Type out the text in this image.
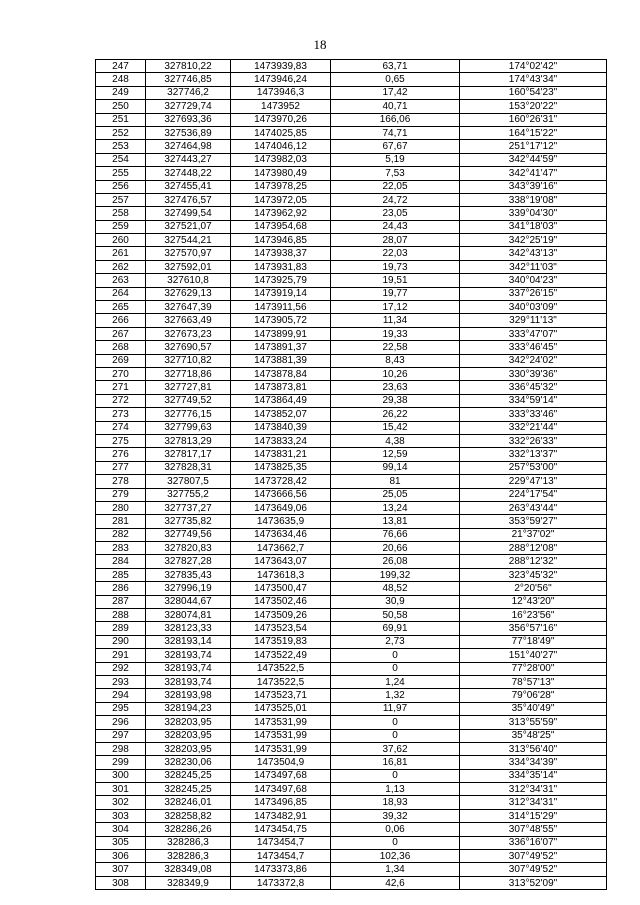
18
247	327810,22	1473939,83	63,71	174°02'42"
248	327746,85	1473946,24	0,65	174°43'34"
249	327746,2	1473946,3	17,42	160°54'23"
250	327729,74	1473952	40,71	153°20'22"
251	327693,36	1473970,26	166,06	160°26'31"
252	327536,89	1474025,85	74,71	164°15'22"
253	327464,98	1474046,12	67,67	251°17'12"
254	327443,27	1473982,03	5,19	342°44'59"
255	327448,22	1473980,49	7,53	342°41'47"
256	327455,41	1473978,25	22,05	343°39'16"
257	327476,57	1473972,05	24,72	338°19'08"
258	327499,54	1473962,92	23,05	339°04'30"
259	327521,07	1473954,68	24,43	341°18'03"
260	327544,21	1473946,85	28,07	342°25'19"
261	327570,97	1473938,37	22,03	342°43'13"
262	327592,01	1473931,83	19,73	342°11'03"
263	327610,8	1473925,79	19,51	340°04'23"
264	327629,13	1473919,14	19,77	337°26'15"
265	327647,39	1473911,56	17,12	340°03'09"
266	327663,49	1473905,72	11,34	329°11'13"
267	327673,23	1473899,91	19,33	333°47'07"
268	327690,57	1473891,37	22,58	333°46'45"
269	327710,82	1473881,39	8,43	342°24'02"
270	327718,86	1473878,84	10,26	330°39'36"
271	327727,81	1473873,81	23,63	336°45'32"
272	327749,52	1473864,49	29,38	334°59'14"
273	327776,15	1473852,07	26,22	333°33'46"
274	327799,63	1473840,39	15,42	332°21'44"
275	327813,29	1473833,24	4,38	332°26'33"
276	327817,17	1473831,21	12,59	332°13'37"
277	327828,31	1473825,35	99,14	257°53'00"
278	327807,5	1473728,42	81	229°47'13"
279	327755,2	1473666,56	25,05	224°17'54"
280	327737,27	1473649,06	13,24	263°43'44"
281	327735,82	1473635,9	13,81	353°59'27"
282	327749,56	1473634,46	76,66	21°37'02"
283	327820,83	1473662,7	20,66	288°12'08"
284	327827,28	1473643,07	26,08	288°12'32"
285	327835,43	1473618,3	199,32	323°45'32"
286	327996,19	1473500,47	48,52	2°20'56"
287	328044,67	1473502,46	30,9	12°43'20"
288	328074,81	1473509,26	50,58	16°23'56"
289	328123,33	1473523,54	69,91	356°57'16"
290	328193,14	1473519,83	2,73	77°18'49"
291	328193,74	1473522,49	0	151°40'27"
292	328193,74	1473522,5	0	77°28'00"
293	328193,74	1473522,5	1,24	78°57'13"
294	328193,98	1473523,71	1,32	79°06'28"
295	328194,23	1473525,01	11,97	35°40'49"
296	328203,95	1473531,99	0	313°55'59"
297	328203,95	1473531,99	0	35°48'25"
298	328203,95	1473531,99	37,62	313°56'40"
299	328230,06	1473504,9	16,81	334°34'39"
300	328245,25	1473497,68	0	334°35'14"
301	328245,25	1473497,68	1,13	312°34'31"
302	328246,01	1473496,85	18,93	312°34'31"
303	328258,82	1473482,91	39,32	314°15'29"
304	328286,26	1473454,75	0,06	307°48'55"
305	328286,3	1473454,7	0	336°16'07"
306	328286,3	1473454,7	102,36	307°49'52"
307	328349,08	1473373,86	1,34	307°49'52"
308	328349,9	1473372,8	42,6	313°52'09"
